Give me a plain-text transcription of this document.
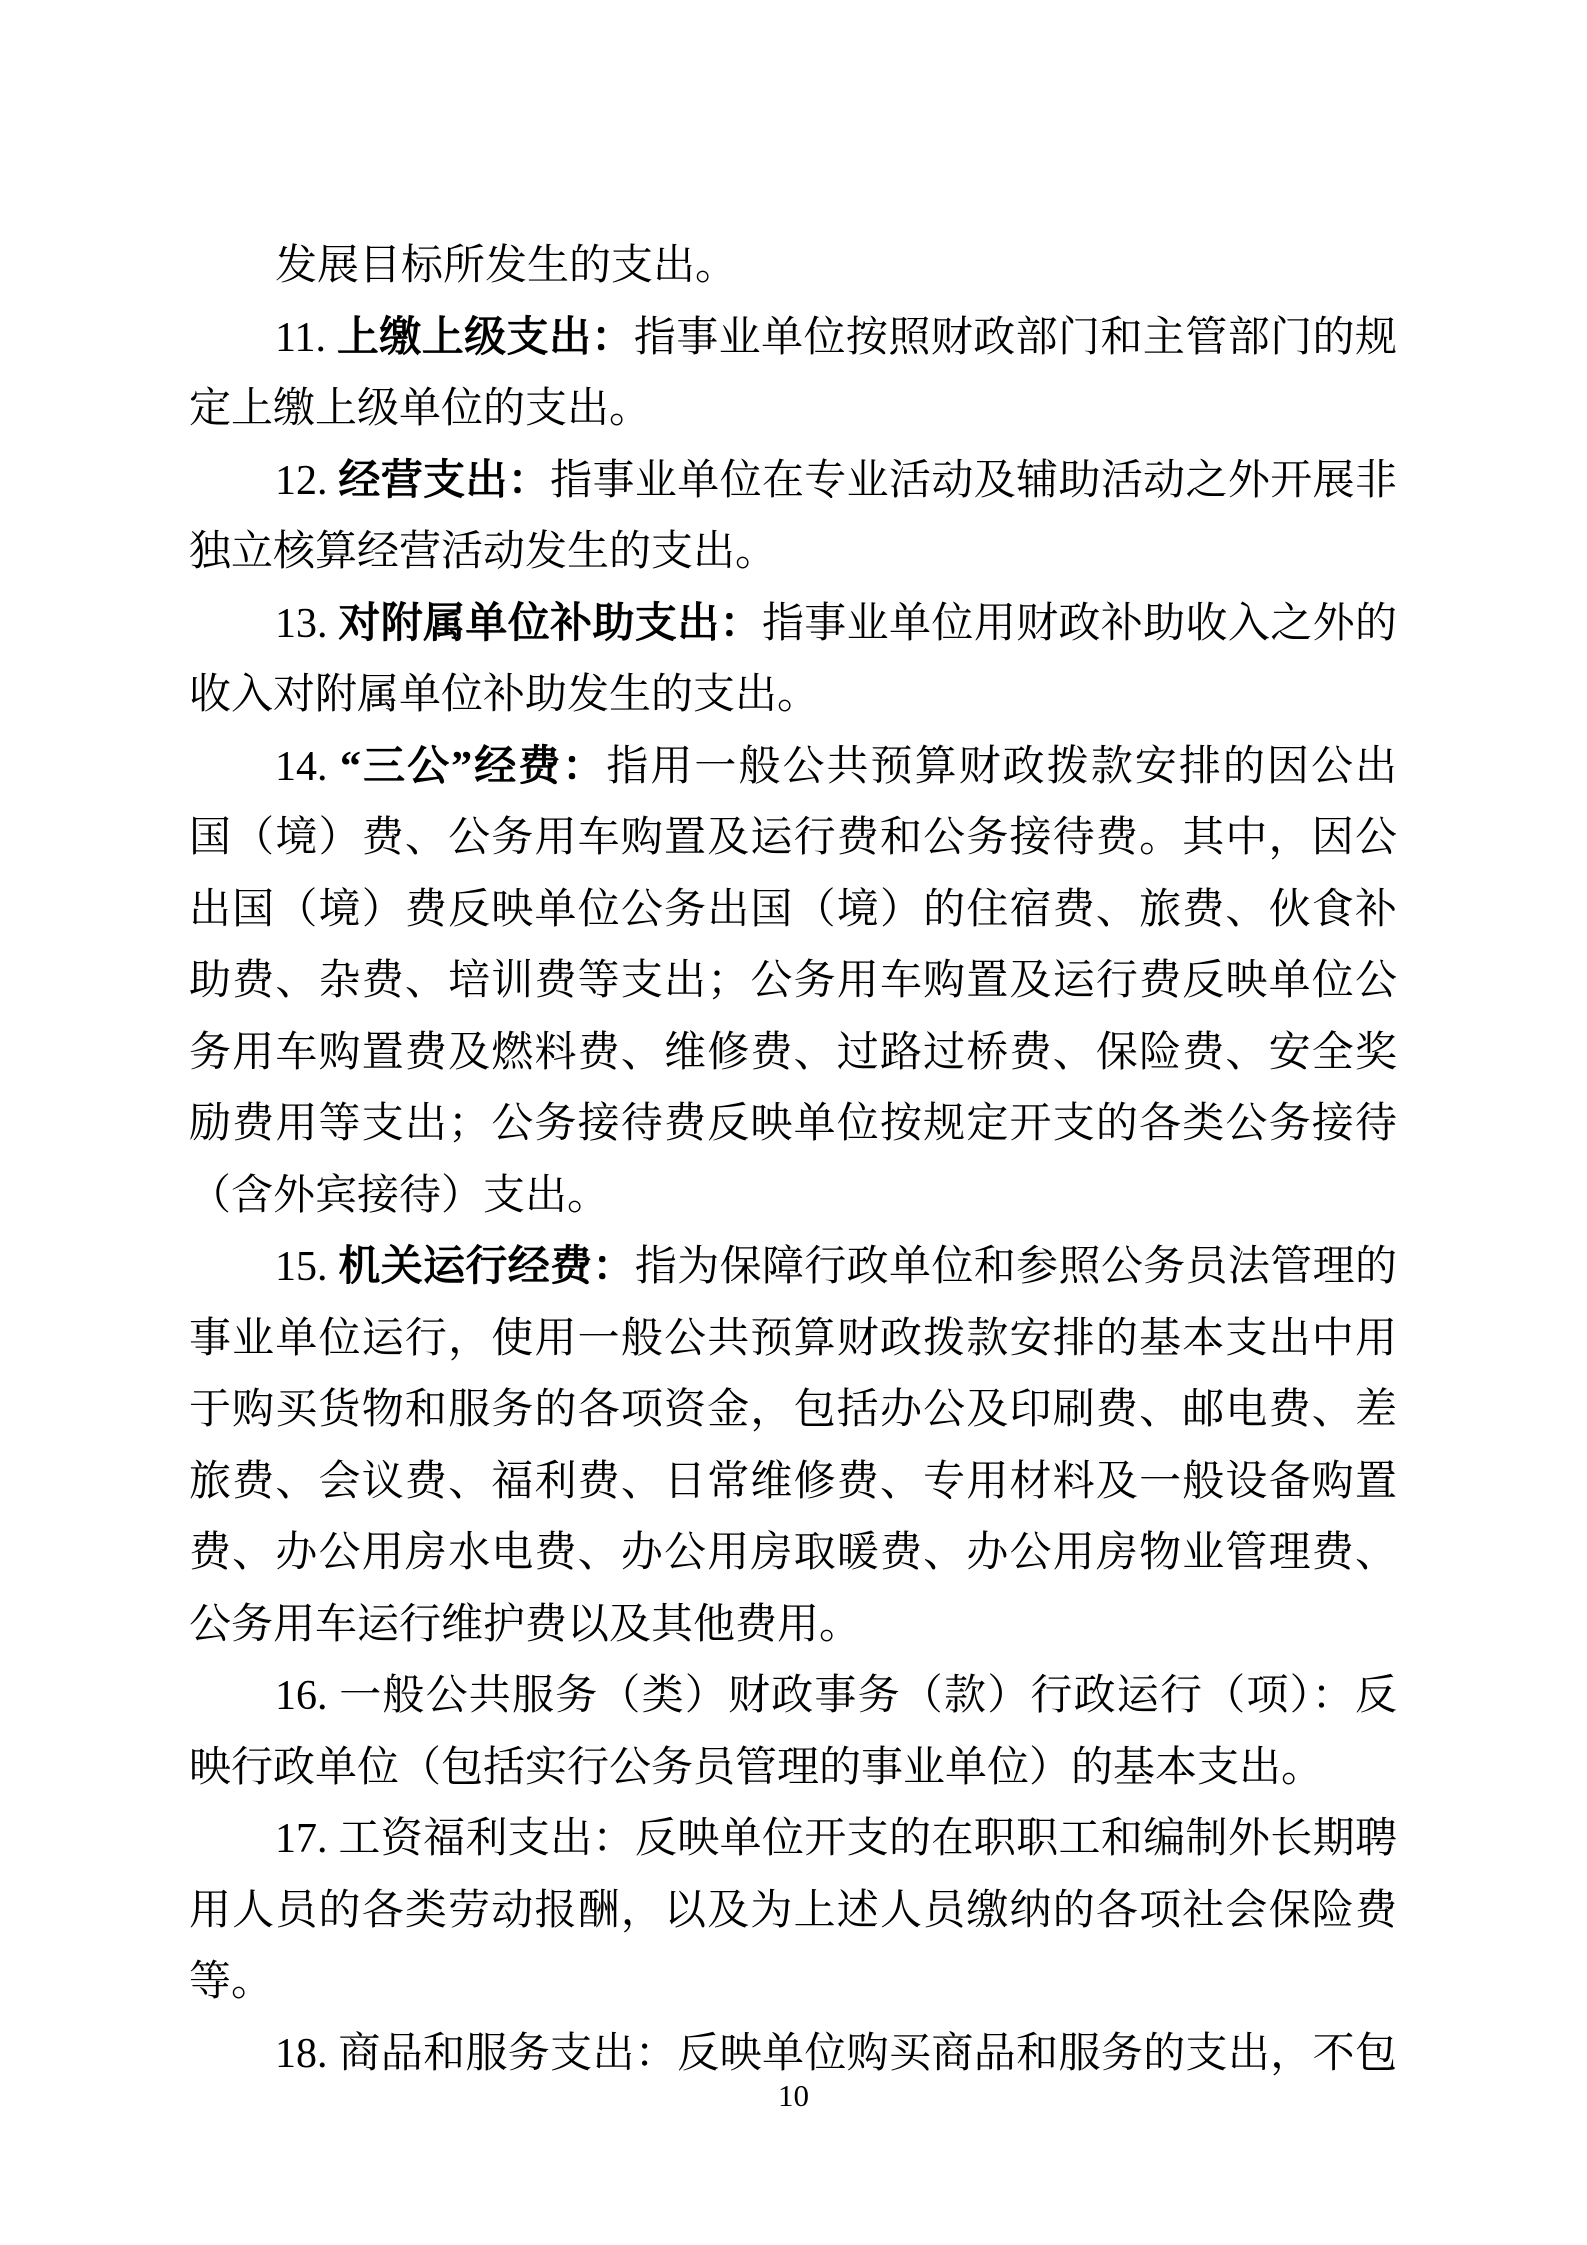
发展目标所发生的支出。
11. 上缴上级支出：指事业单位按照财政部门和主管部门的规
定上缴上级单位的支出。
12. 经营支出：指事业单位在专业活动及辅助活动之外开展非
独立核算经营活动发生的支出。
13. 对附属单位补助支出：指事业单位用财政补助收入之外的
收入对附属单位补助发生的支出。
14. “三公”经费：指用一般公共预算财政拨款安排的因公出
国（境）费、公务用车购置及运行费和公务接待费。其中，因公
出国（境）费反映单位公务出国（境）的住宿费、旅费、伙食补
助费、杂费、培训费等支出；公务用车购置及运行费反映单位公
务用车购置费及燃料费、维修费、过路过桥费、保险费、安全奖
励费用等支出；公务接待费反映单位按规定开支的各类公务接待
（含外宾接待）支出。
15. 机关运行经费：指为保障行政单位和参照公务员法管理的
事业单位运行，使用一般公共预算财政拨款安排的基本支出中用
于购买货物和服务的各项资金，包括办公及印刷费、邮电费、差
旅费、会议费、福利费、日常维修费、专用材料及一般设备购置
费、办公用房水电费、办公用房取暖费、办公用房物业管理费、
公务用车运行维护费以及其他费用。
16. 一般公共服务（类）财政事务（款）行政运行（项）：反
映行政单位（包括实行公务员管理的事业单位）的基本支出。
17. 工资福利支出：反映单位开支的在职职工和编制外长期聘
用人员的各类劳动报酬，以及为上述人员缴纳的各项社会保险费
等。
18. 商品和服务支出：反映单位购买商品和服务的支出，不包
10
